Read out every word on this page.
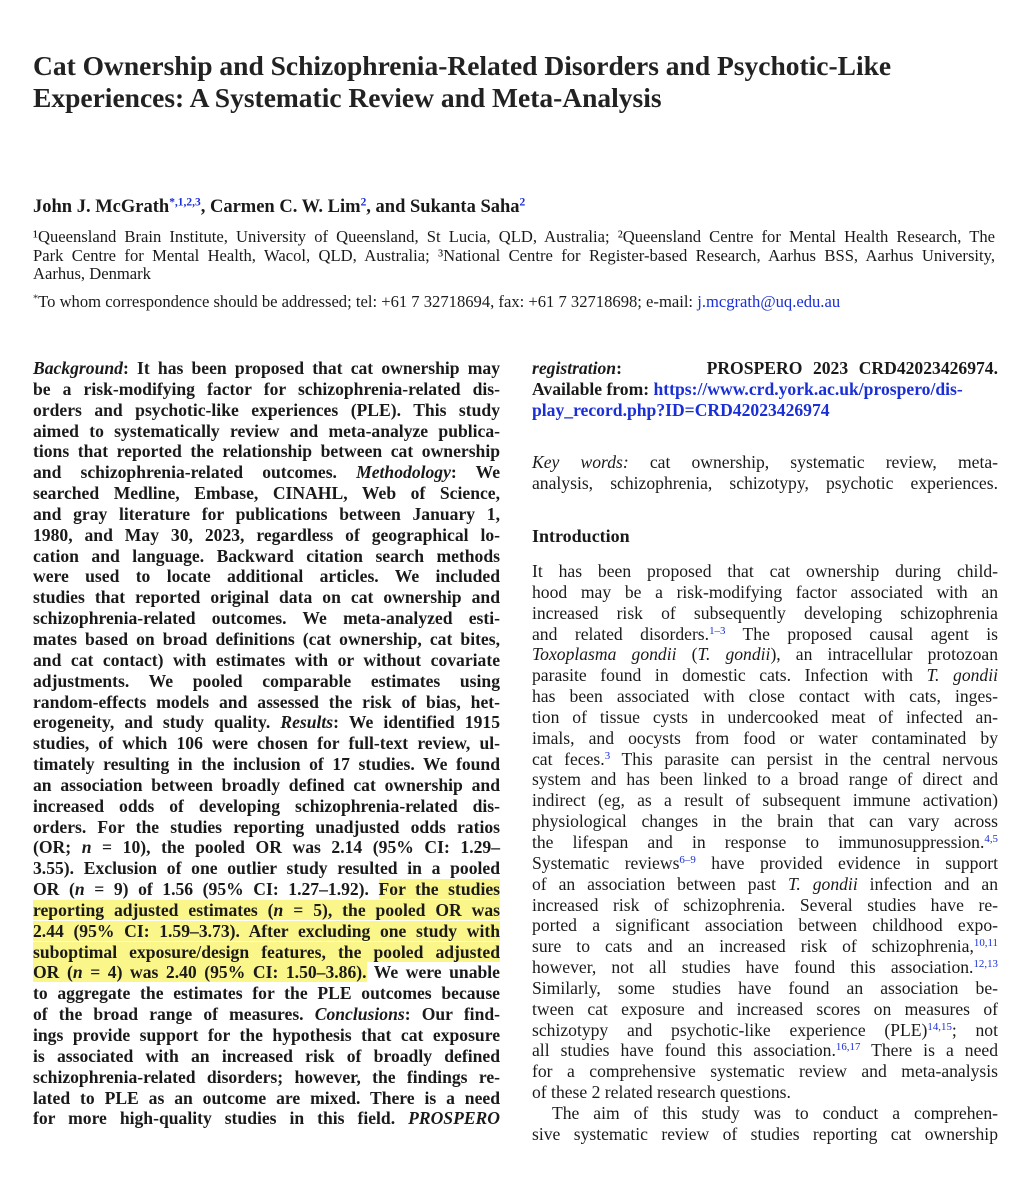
Cat Ownership and Schizophrenia-Related Disorders and Psychotic-Like Experiences: A Systematic Review and Meta-Analysis
John J. McGrath$^{*,1,2,3}$, Carmen C. W. Lim$^2$, and Sukanta Saha$^2$
¹Queensland Brain Institute, University of Queensland, St Lucia, QLD, Australia; ²Queensland Centre for Mental Health Research, The
Park Centre for Mental Health, Wacol, QLD, Australia; ³National Centre for Register-based Research, Aarhus BSS, Aarhus University,
Aarhus, Denmark
*To whom correspondence should be addressed; tel: +61 7 32718694, fax: +61 7 32718698; e-mail: j.mcgrath@uq.edu.au
Background: It has been proposed that cat ownership may
be a risk-modifying factor for schizophrenia-related dis-
orders and psychotic-like experiences (PLE). This study
aimed to systematically review and meta-analyze publica-
tions that reported the relationship between cat ownership
and schizophrenia-related outcomes. Methodology: We
searched Medline, Embase, CINAHL, Web of Science,
and gray literature for publications between January 1,
1980, and May 30, 2023, regardless of geographical lo-
cation and language. Backward citation search methods
were used to locate additional articles. We included
studies that reported original data on cat ownership and
schizophrenia-related outcomes. We meta-analyzed esti-
mates based on broad definitions (cat ownership, cat bites,
and cat contact) with estimates with or without covariate
adjustments. We pooled comparable estimates using
random-effects models and assessed the risk of bias, het-
erogeneity, and study quality. Results: We identified 1915
studies, of which 106 were chosen for full-text review, ul-
timately resulting in the inclusion of 17 studies. We found
an association between broadly defined cat ownership and
increased odds of developing schizophrenia-related dis-
orders. For the studies reporting unadjusted odds ratios
(OR; n = 10), the pooled OR was 2.14 (95% CI: 1.29–
3.55). Exclusion of one outlier study resulted in a pooled
OR (n = 9) of 1.56 (95% CI: 1.27–1.92). For the studies
reporting adjusted estimates (n = 5), the pooled OR was
2.44 (95% CI: 1.59–3.73). After excluding one study with
suboptimal exposure/design features, the pooled adjusted
OR (n = 4) was 2.40 (95% CI: 1.50–3.86). We were unable
to aggregate the estimates for the PLE outcomes because
of the broad range of measures. Conclusions: Our find-
ings provide support for the hypothesis that cat exposure
is associated with an increased risk of broadly defined
schizophrenia-related disorders; however, the findings re-
lated to PLE as an outcome are mixed. There is a need
for more high-quality studies in this field. PROSPERO
registration:	PROSPERO 2023 CRD42023426974.
Available from: https://www.crd.york.ac.uk/prospero/dis-
play_record.php?ID=CRD42023426974
Key words: cat ownership, systematic review, meta-
analysis, schizophrenia, schizotypy, psychotic experiences.
Introduction
It has been proposed that cat ownership during child-
hood may be a risk-modifying factor associated with an
increased risk of subsequently developing schizophrenia
and related disorders.$^{1-3}$ The proposed causal agent is
Toxoplasma gondii (T. gondii), an intracellular protozoan
parasite found in domestic cats. Infection with T. gondii
has been associated with close contact with cats, inges-
tion of tissue cysts in undercooked meat of infected an-
imals, and oocysts from food or water contaminated by
cat feces.$^3$ This parasite can persist in the central nervous
system and has been linked to a broad range of direct and
indirect (eg, as a result of subsequent immune activation)
physiological changes in the brain that can vary across
the lifespan and in response to immunosuppression.$^{4,5}$
Systematic reviews$^{6-9}$ have provided evidence in support
of an association between past T. gondii infection and an
increased risk of schizophrenia. Several studies have re-
ported a significant association between childhood expo-
sure to cats and an increased risk of schizophrenia,$^{10,11}$
however, not all studies have found this association.$^{12,13}$
Similarly, some studies have found an association be-
tween cat exposure and increased scores on measures of
schizotypy and psychotic-like experience (PLE)$^{14,15}$; not
all studies have found this association.$^{16,17}$ There is a need
for a comprehensive systematic review and meta-analysis
of these 2 related research questions.
The aim of this study was to conduct a comprehen-
sive systematic review of studies reporting cat ownership
